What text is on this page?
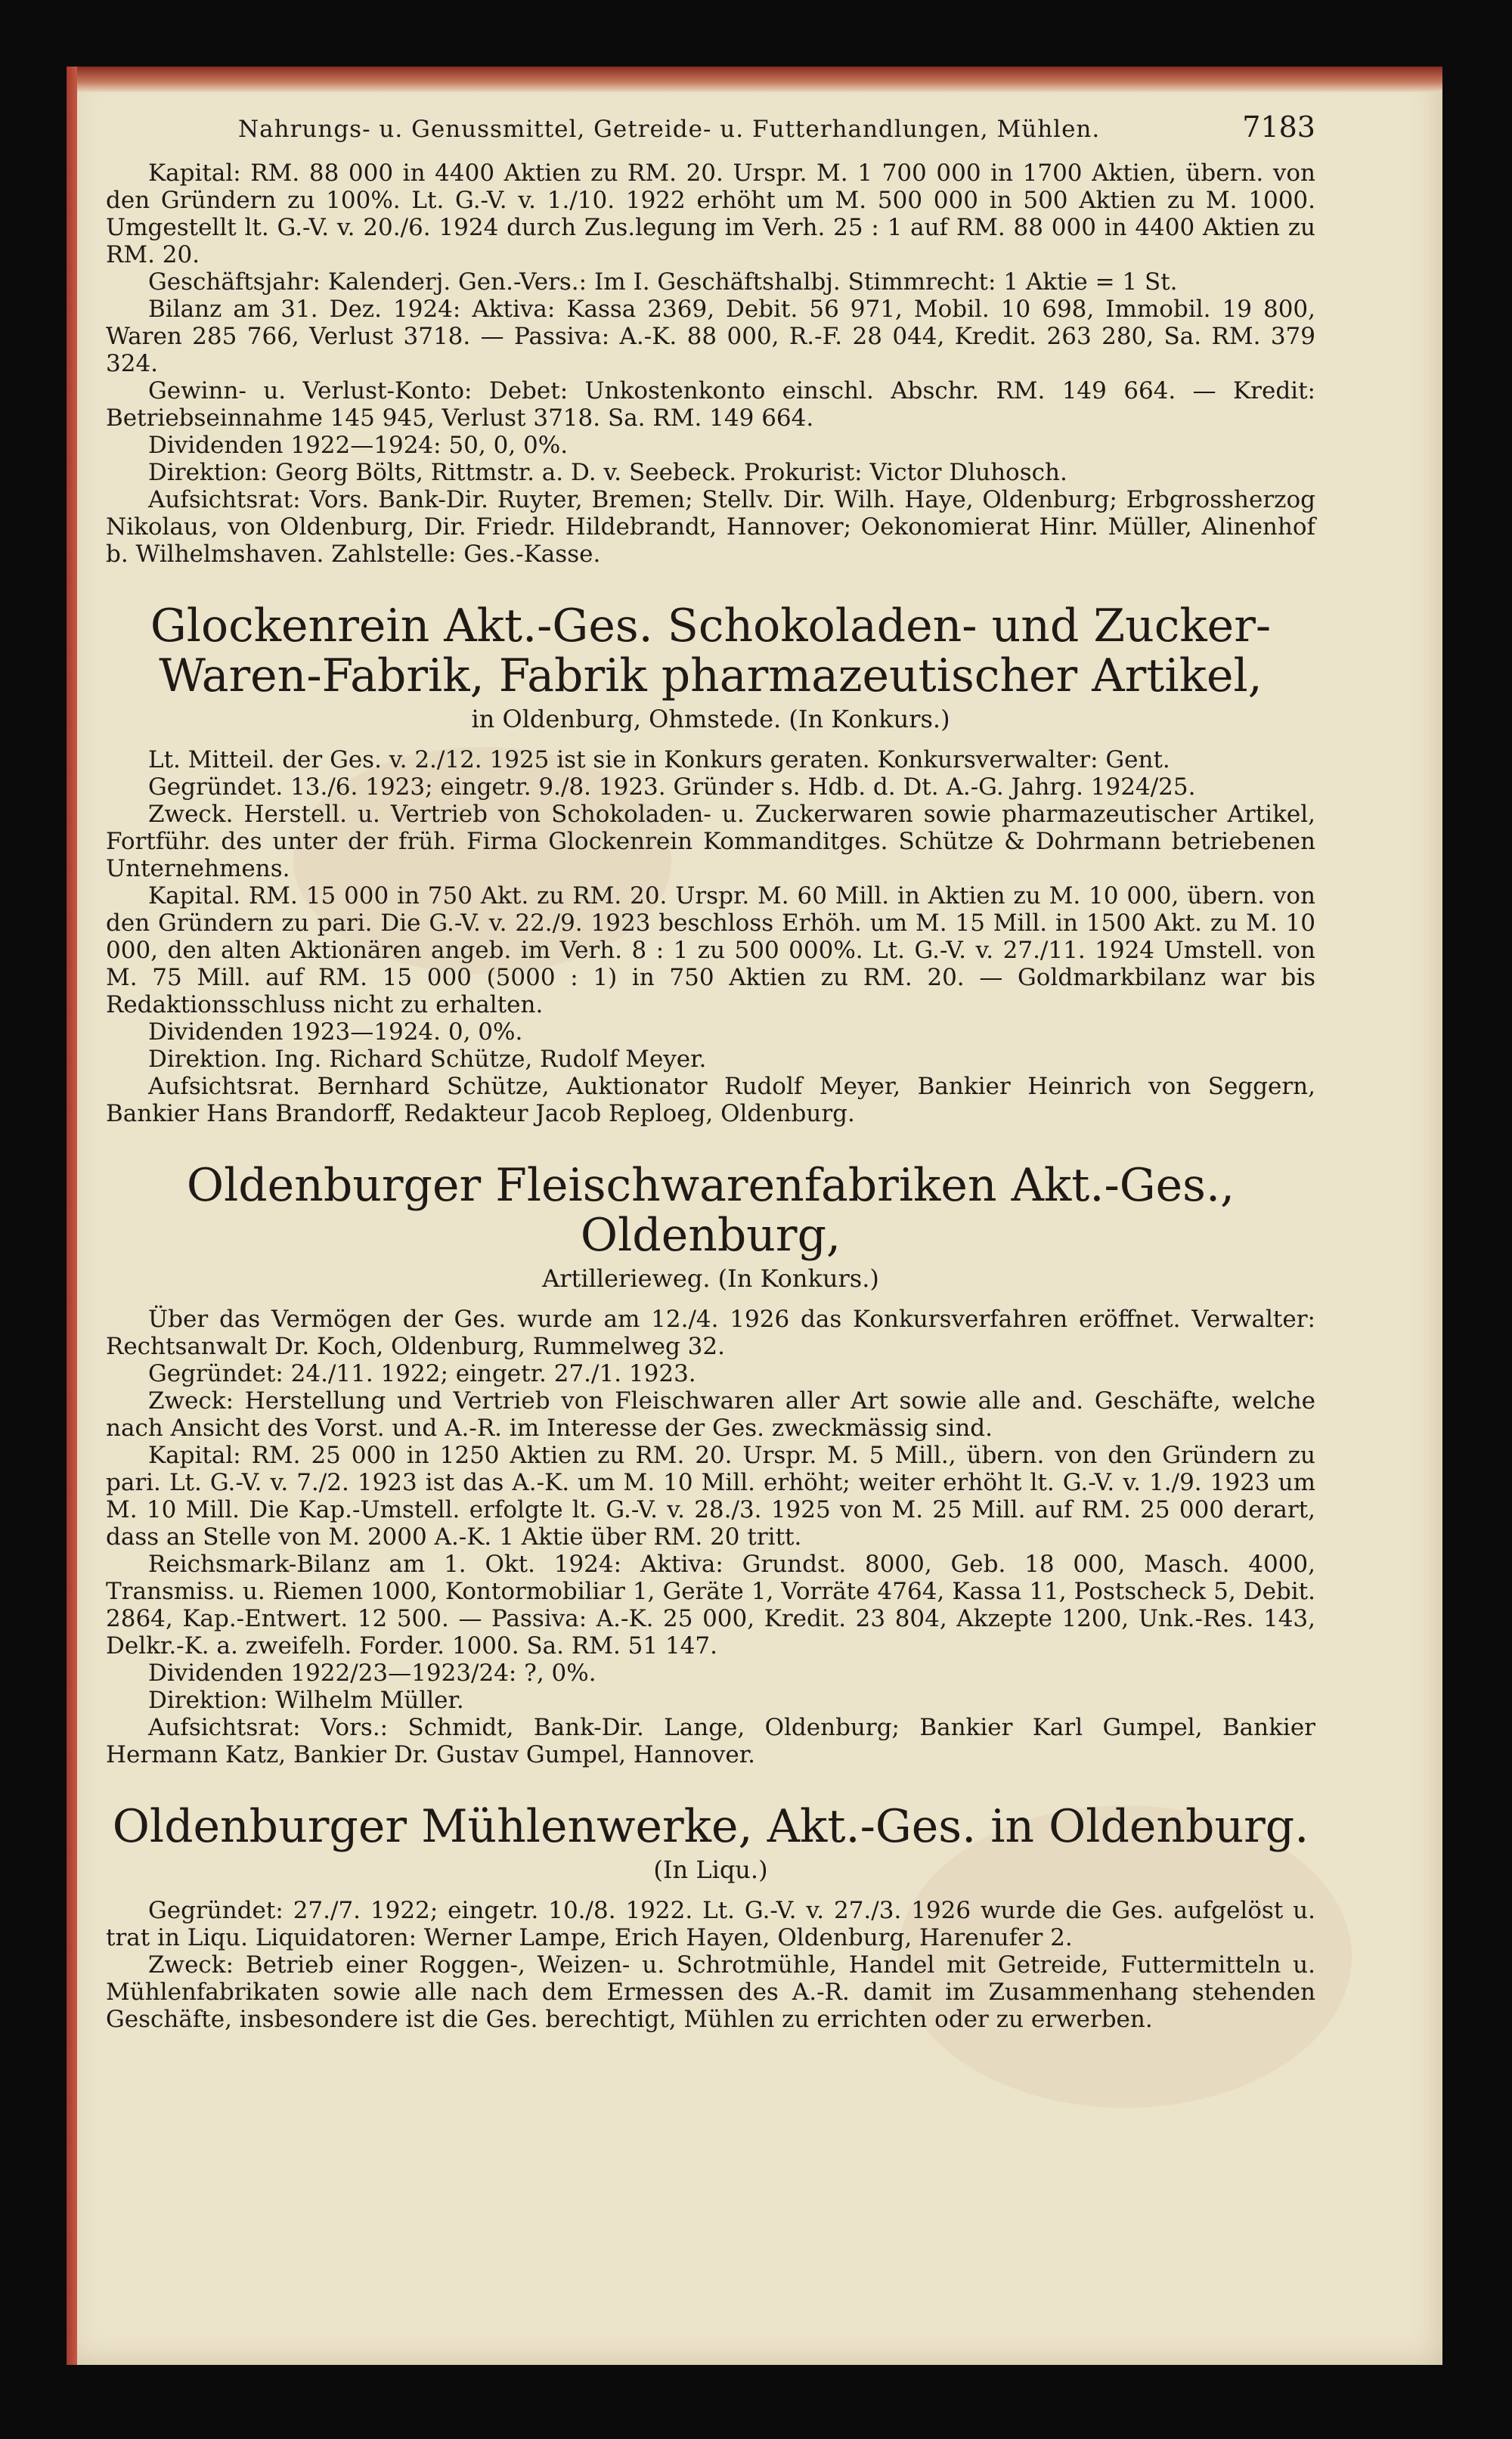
Nahrungs- u. Genussmittel, Getreide- u. Futterhandlungen, Mühlen.	7183

Kapital: RM. 88 000 in 4400 Aktien zu RM. 20. Urspr. M. 1 700 000 in 1700 Aktien, übern. von den Gründern zu 100%. Lt. G.-V. v. 1./10. 1922 erhöht um M. 500 000 in 500 Aktien zu M. 1000. Umgestellt lt. G.-V. v. 20./6. 1924 durch Zus.legung im Verh. 25 : 1 auf RM. 88 000 in 4400 Aktien zu RM. 20.

Geschäftsjahr: Kalenderj. Gen.-Vers.: Im I. Geschäftshalbj. Stimmrecht: 1 Aktie = 1 St.

Bilanz am 31. Dez. 1924: Aktiva: Kassa 2369, Debit. 56 971, Mobil. 10 698, Immobil. 19 800, Waren 285 766, Verlust 3718. — Passiva: A.-K. 88 000, R.-F. 28 044, Kredit. 263 280, Sa. RM. 379 324.

Gewinn- u. Verlust-Konto: Debet: Unkostenkonto einschl. Abschr. RM. 149 664. — Kredit: Betriebseinnahme 145 945, Verlust 3718. Sa. RM. 149 664.

Dividenden 1922—1924: 50, 0, 0%.

Direktion: Georg Bölts, Rittmstr. a. D. v. Seebeck. Prokurist: Victor Dluhosch.

Aufsichtsrat: Vors. Bank-Dir. Ruyter, Bremen; Stellv. Dir. Wilh. Haye, Oldenburg; Erbgrossherzog Nikolaus, von Oldenburg, Dir. Friedr. Hildebrandt, Hannover; Oekonomierat Hinr. Müller, Alinenhof b. Wilhelmshaven. Zahlstelle: Ges.-Kasse.

Glockenrein Akt.-Ges. Schokoladen- und Zucker-Waren-Fabrik, Fabrik pharmazeutischer Artikel,
in Oldenburg, Ohmstede. (In Konkurs.)

Lt. Mitteil. der Ges. v. 2./12. 1925 ist sie in Konkurs geraten. Konkursverwalter: Gent.

Gegründet. 13./6. 1923; eingetr. 9./8. 1923. Gründer s. Hdb. d. Dt. A.-G. Jahrg. 1924/25.

Zweck. Herstell. u. Vertrieb von Schokoladen- u. Zuckerwaren sowie pharmazeutischer Artikel, Fortführ. des unter der früh. Firma Glockenrein Kommanditges. Schütze & Dohrmann betriebenen Unternehmens.

Kapital. RM. 15 000 in 750 Akt. zu RM. 20. Urspr. M. 60 Mill. in Aktien zu M. 10 000, übern. von den Gründern zu pari. Die G.-V. v. 22./9. 1923 beschloss Erhöh. um M. 15 Mill. in 1500 Akt. zu M. 10 000, den alten Aktionären angeb. im Verh. 8 : 1 zu 500 000%. Lt. G.-V. v. 27./11. 1924 Umstell. von M. 75 Mill. auf RM. 15 000 (5000 : 1) in 750 Aktien zu RM. 20. — Goldmarkbilanz war bis Redaktionsschluss nicht zu erhalten.

Dividenden 1923—1924. 0, 0%.

Direktion. Ing. Richard Schütze, Rudolf Meyer.

Aufsichtsrat. Bernhard Schütze, Auktionator Rudolf Meyer, Bankier Heinrich von Seggern, Bankier Hans Brandorff, Redakteur Jacob Reploeg, Oldenburg.

Oldenburger Fleischwarenfabriken Akt.-Ges., Oldenburg,
Artillerieweg. (In Konkurs.)

Über das Vermögen der Ges. wurde am 12./4. 1926 das Konkursverfahren eröffnet. Verwalter: Rechtsanwalt Dr. Koch, Oldenburg, Rummelweg 32.

Gegründet: 24./11. 1922; eingetr. 27./1. 1923.

Zweck: Herstellung und Vertrieb von Fleischwaren aller Art sowie alle and. Geschäfte, welche nach Ansicht des Vorst. und A.-R. im Interesse der Ges. zweckmässig sind.

Kapital: RM. 25 000 in 1250 Aktien zu RM. 20. Urspr. M. 5 Mill., übern. von den Gründern zu pari. Lt. G.-V. v. 7./2. 1923 ist das A.-K. um M. 10 Mill. erhöht; weiter erhöht lt. G.-V. v. 1./9. 1923 um M. 10 Mill. Die Kap.-Umstell. erfolgte lt. G.-V. v. 28./3. 1925 von M. 25 Mill. auf RM. 25 000 derart, dass an Stelle von M. 2000 A.-K. 1 Aktie über RM. 20 tritt.

Reichsmark-Bilanz am 1. Okt. 1924: Aktiva: Grundst. 8000, Geb. 18 000, Masch. 4000, Transmiss. u. Riemen 1000, Kontormobiliar 1, Geräte 1, Vorräte 4764, Kassa 11, Postscheck 5, Debit. 2864, Kap.-Entwert. 12 500. — Passiva: A.-K. 25 000, Kredit. 23 804, Akzepte 1200, Unk.-Res. 143, Delkr.-K. a. zweifelh. Forder. 1000. Sa. RM. 51 147.

Dividenden 1922/23—1923/24: ?, 0%.

Direktion: Wilhelm Müller.

Aufsichtsrat: Vors.: Schmidt, Bank-Dir. Lange, Oldenburg; Bankier Karl Gumpel, Bankier Hermann Katz, Bankier Dr. Gustav Gumpel, Hannover.

Oldenburger Mühlenwerke, Akt.-Ges. in Oldenburg.
(In Liqu.)

Gegründet: 27./7. 1922; eingetr. 10./8. 1922. Lt. G.-V. v. 27./3. 1926 wurde die Ges. aufgelöst u. trat in Liqu. Liquidatoren: Werner Lampe, Erich Hayen, Oldenburg, Harenufer 2.

Zweck: Betrieb einer Roggen-, Weizen- u. Schrotmühle, Handel mit Getreide, Futtermitteln u. Mühlenfabrikaten sowie alle nach dem Ermessen des A.-R. damit im Zusammenhang stehenden Geschäfte, insbesondere ist die Ges. berechtigt, Mühlen zu errichten oder zu erwerben.
